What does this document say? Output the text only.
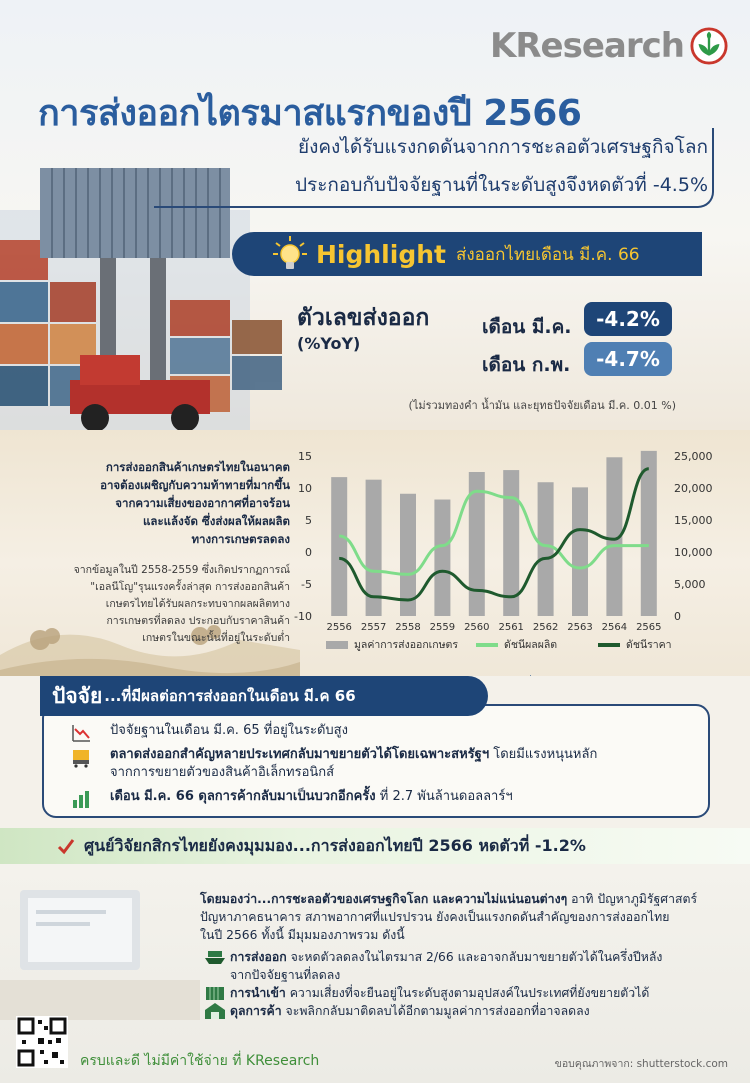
KResearch
การส่งออกไตรมาสแรกของปี 2566
ยังคงได้รับแรงกดดันจากการชะลอตัวเศรษฐกิจโลก
ประกอบกับปัจจัยฐานที่ในระดับสูงจึงหดตัวที่ -4.5%
Highlight ส่งออกไทยเดือน มี.ค. 66
ตัวเลขส่งออก
(%YoY)
เดือน มี.ค.	-4.2%
เดือน ก.พ.	-4.7%
(ไม่รวมทองคำ น้ำมัน และยุทธปัจจัยเดือน มี.ค. 0.01 %)
การส่งออกสินค้าเกษตรไทยในอนาคต
อาจต้องเผชิญกับความท้าทายที่มากขึ้น
จากความเสี่ยงของอากาศที่อาจร้อน
และแล้งจัด ซึ่งส่งผลให้ผลผลิต
ทางการเกษตรลดลง
จากข้อมูลในปี 2558-2559 ซึ่งเกิดปรากฏการณ์
"เอลนีโญ"รุนแรงครั้งล่าสุด การส่งออกสินค้า
เกษตรไทยได้รับผลกระทบจากผลผลิตทาง
การเกษตรที่ลดลง ประกอบกับราคาสินค้า
เกษตรในขณะนั้นที่อยู่ในระดับต่ำ
15
10
5
0
-5
-10
25,000
20,000
15,000
10,000
5,000
0
2556 2557 2558 2559 2560 2561 2562 2563 2564 2565
มูลค่าการส่งออกเกษตร	ดัชนีผลผลิต	ดัชนีราคา
ปัจจัย ...ที่มีผลต่อการส่งออกในเดือน มี.ค 66
ปัจจัยฐานในเดือน มี.ค. 65 ที่อยู่ในระดับสูง
ตลาดส่งออกสำคัญหลายประเทศกลับมาขยายตัวได้โดยเฉพาะสหรัฐฯ โดยมีแรงหนุนหลัก
จากการขยายตัวของสินค้าอิเล็กทรอนิกส์
เดือน มี.ค. 66 ดุลการค้ากลับมาเป็นบวกอีกครั้ง ที่ 2.7 พันล้านดอลลาร์ฯ
ศูนย์วิจัยกสิกรไทยยังคงมุมมอง...การส่งออกไทยปี 2566 หดตัวที่ -1.2%
โดยมองว่า...การชะลอตัวของเศรษฐกิจโลก และความไม่แน่นอนต่างๆ อาทิ ปัญหาภูมิรัฐศาสตร์
ปัญหาภาคธนาคาร สภาพอากาศที่แปรปรวน ยังคงเป็นแรงกดดันสำคัญของการส่งออกไทย
ในปี 2566 ทั้งนี้ มีมุมมองภาพรวม ดังนี้
การส่งออก จะหดตัวลดลงในไตรมาส 2/66 และอาจกลับมาขยายตัวได้ในครึ่งปีหลัง
จากปัจจัยฐานที่ลดลง
การนำเข้า ความเสี่ยงที่จะยืนอยู่ในระดับสูงตามอุปสงค์ในประเทศที่ยังขยายตัวได้
ดุลการค้า จะพลิกกลับมาติดลบได้อีกตามมูลค่าการส่งออกที่อาจลดลง
ครบและดี ไม่มีค่าใช้จ่าย ที่ KResearch	ขอบคุณภาพจาก: shutterstock.com
